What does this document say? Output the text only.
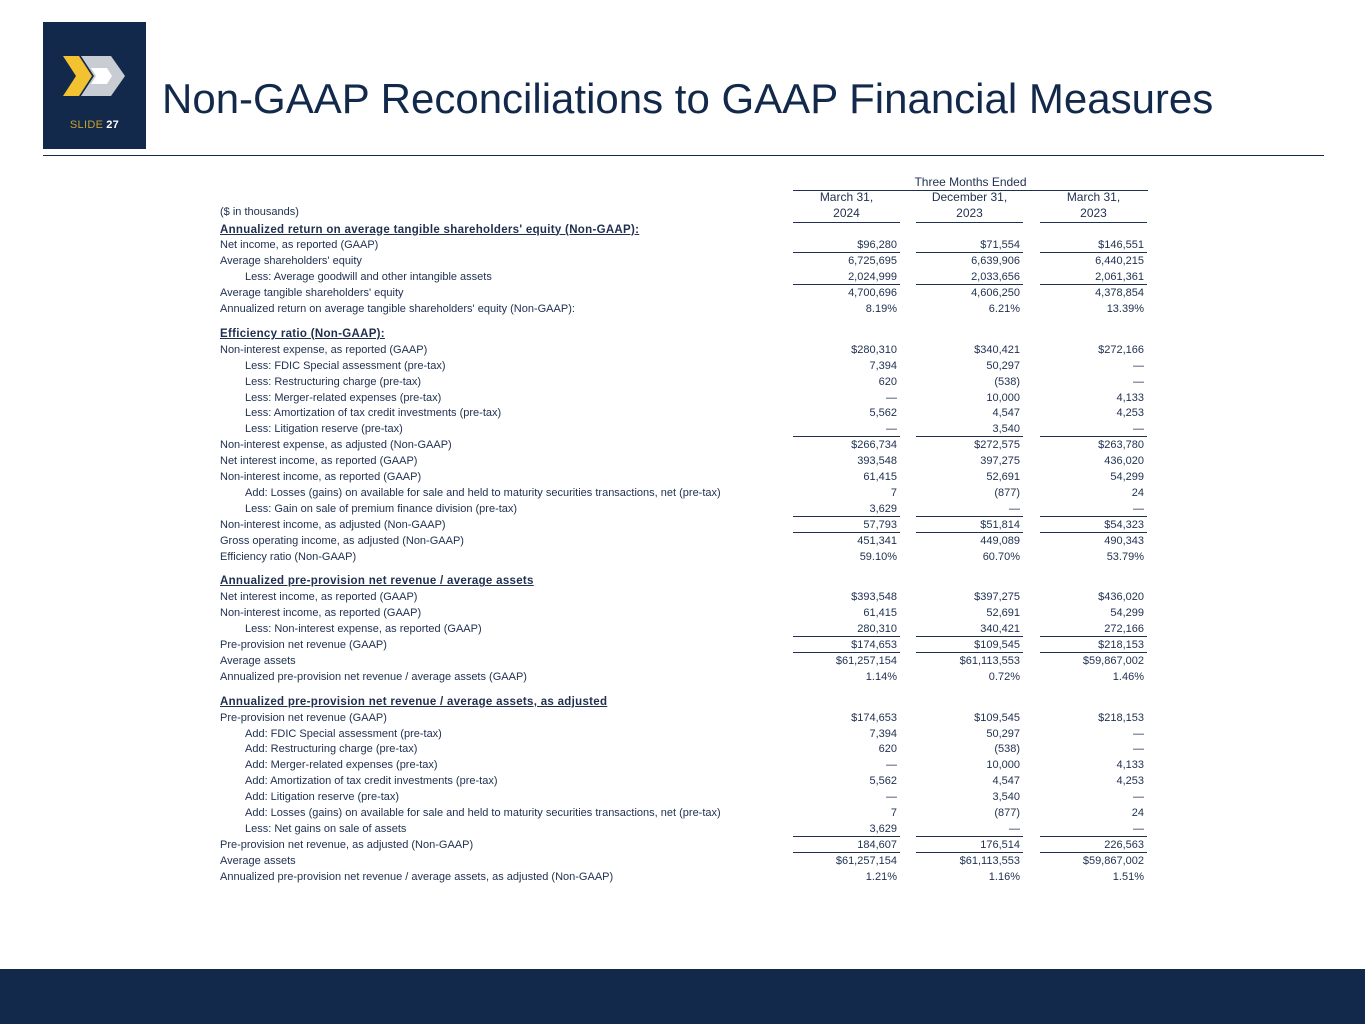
SLIDE 27
Non-GAAP Reconciliations to GAAP Financial Measures
Three Months Ended
March 31,
2024
December 31,
2023
March 31,
2023
($ in thousands)
Annualized return on average tangible shareholders' equity (Non-GAAP):
Net income, as reported (GAAP)	$96,280	$71,554	$146,551
Average shareholders' equity	6,725,695	6,639,906	6,440,215
Less: Average goodwill and other intangible assets	2,024,999	2,033,656	2,061,361
Average tangible shareholders' equity	4,700,696	4,606,250	4,378,854
Annualized return on average tangible shareholders' equity (Non-GAAP):	8.19%	6.21%	13.39%
Efficiency ratio (Non-GAAP):
Non-interest expense, as reported (GAAP)	$280,310	$340,421	$272,166
Less: FDIC Special assessment (pre-tax)	7,394	50,297	—
Less: Restructuring charge (pre-tax)	620	(538)	—
Less: Merger-related expenses (pre-tax)	—	10,000	4,133
Less: Amortization of tax credit investments (pre-tax)	5,562	4,547	4,253
Less: Litigation reserve (pre-tax)	—	3,540	—
Non-interest expense, as adjusted (Non-GAAP)	$266,734	$272,575	$263,780
Net interest income, as reported (GAAP)	393,548	397,275	436,020
Non-interest income, as reported (GAAP)	61,415	52,691	54,299
Add: Losses (gains) on available for sale and held to maturity securities transactions, net (pre-tax)	7	(877)	24
Less: Gain on sale of premium finance division (pre-tax)	3,629	—	—
Non-interest income, as adjusted (Non-GAAP)	57,793	$51,814	$54,323
Gross operating income, as adjusted (Non-GAAP)	451,341	449,089	490,343
Efficiency ratio (Non-GAAP)	59.10%	60.70%	53.79%
Annualized pre-provision net revenue / average assets
Net interest income, as reported (GAAP)	$393,548	$397,275	$436,020
Non-interest income, as reported (GAAP)	61,415	52,691	54,299
Less: Non-interest expense, as reported (GAAP)	280,310	340,421	272,166
Pre-provision net revenue (GAAP)	$174,653	$109,545	$218,153
Average assets	$61,257,154	$61,113,553	$59,867,002
Annualized pre-provision net revenue / average assets (GAAP)	1.14%	0.72%	1.46%
Annualized pre-provision net revenue / average assets, as adjusted
Pre-provision net revenue (GAAP)	$174,653	$109,545	$218,153
Add: FDIC Special assessment (pre-tax)	7,394	50,297	—
Add: Restructuring charge (pre-tax)	620	(538)	—
Add: Merger-related expenses (pre-tax)	—	10,000	4,133
Add: Amortization of tax credit investments (pre-tax)	5,562	4,547	4,253
Add: Litigation reserve (pre-tax)	—	3,540	—
Add: Losses (gains) on available for sale and held to maturity securities transactions, net (pre-tax)	7	(877)	24
Less: Net gains on sale of assets	3,629	—	—
Pre-provision net revenue, as adjusted (Non-GAAP)	184,607	176,514	226,563
Average assets	$61,257,154	$61,113,553	$59,867,002
Annualized pre-provision net revenue / average assets, as adjusted (Non-GAAP)	1.21%	1.16%	1.51%
